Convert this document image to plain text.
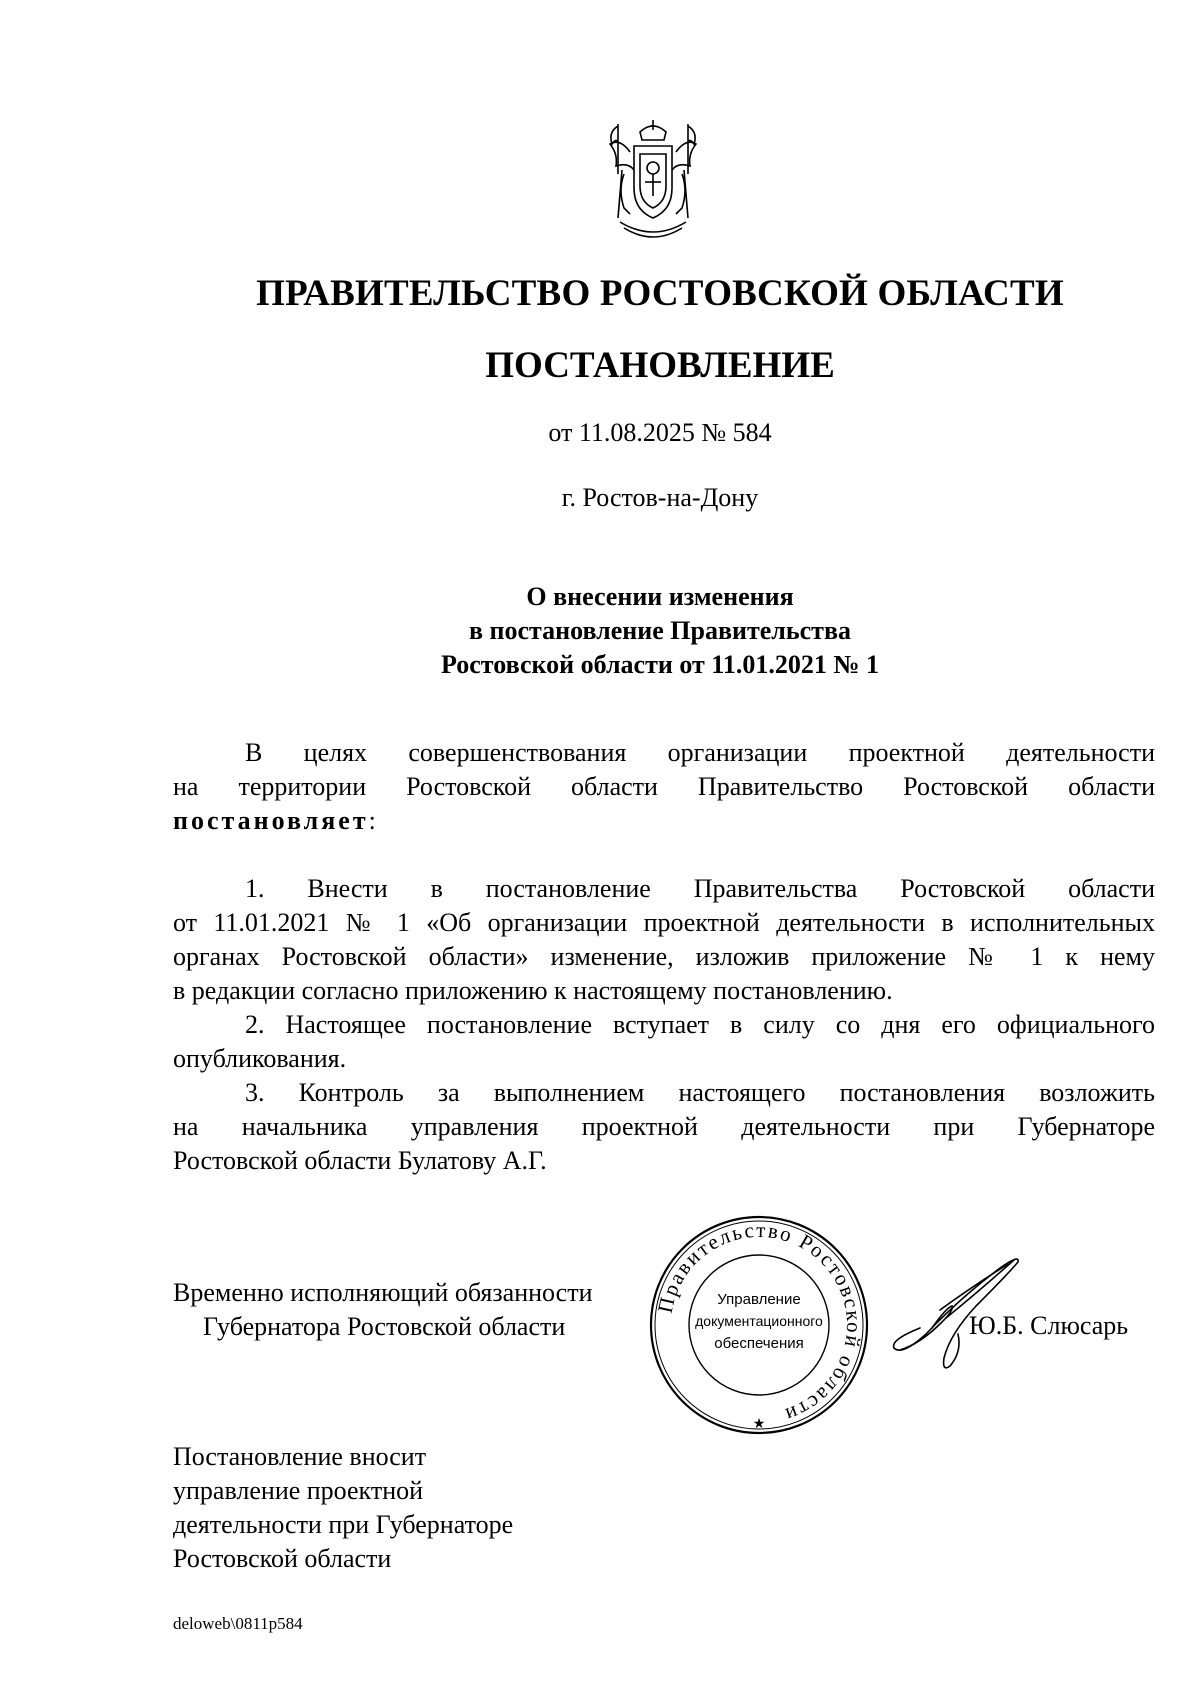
ПРАВИТЕЛЬСТВО РОСТОВСКОЙ ОБЛАСТИ
ПОСТАНОВЛЕНИЕ
от 11.08.2025 № 584
г. Ростов-на-Дону
О внесении изменения
в постановление Правительства
Ростовской области от 11.01.2021 № 1
В целях совершенствования организации проектной деятельности
на территории Ростовской области Правительство Ростовской области
постановляет:
1. Внести в постановление Правительства Ростовской области
от 11.01.2021 № 1 «Об организации проектной деятельности в исполнительных
органах Ростовской области» изменение, изложив приложение № 1 к нему
в редакции согласно приложению к настоящему постановлению.
2. Настоящее постановление вступает в силу со дня его официального
опубликования.
3. Контроль за выполнением настоящего постановления возложить
на начальника управления проектной деятельности при Губернаторе
Ростовской области Булатову А.Г.
Временно исполняющий обязанности
Губернатора Ростовской области
Правительство Ростовской области
Управление
документационного
обеспечения
★
Ю.Б. Слюсарь
Постановление вносит
управление проектной
деятельности при Губернаторе
Ростовской области
deloweb\0811p584
